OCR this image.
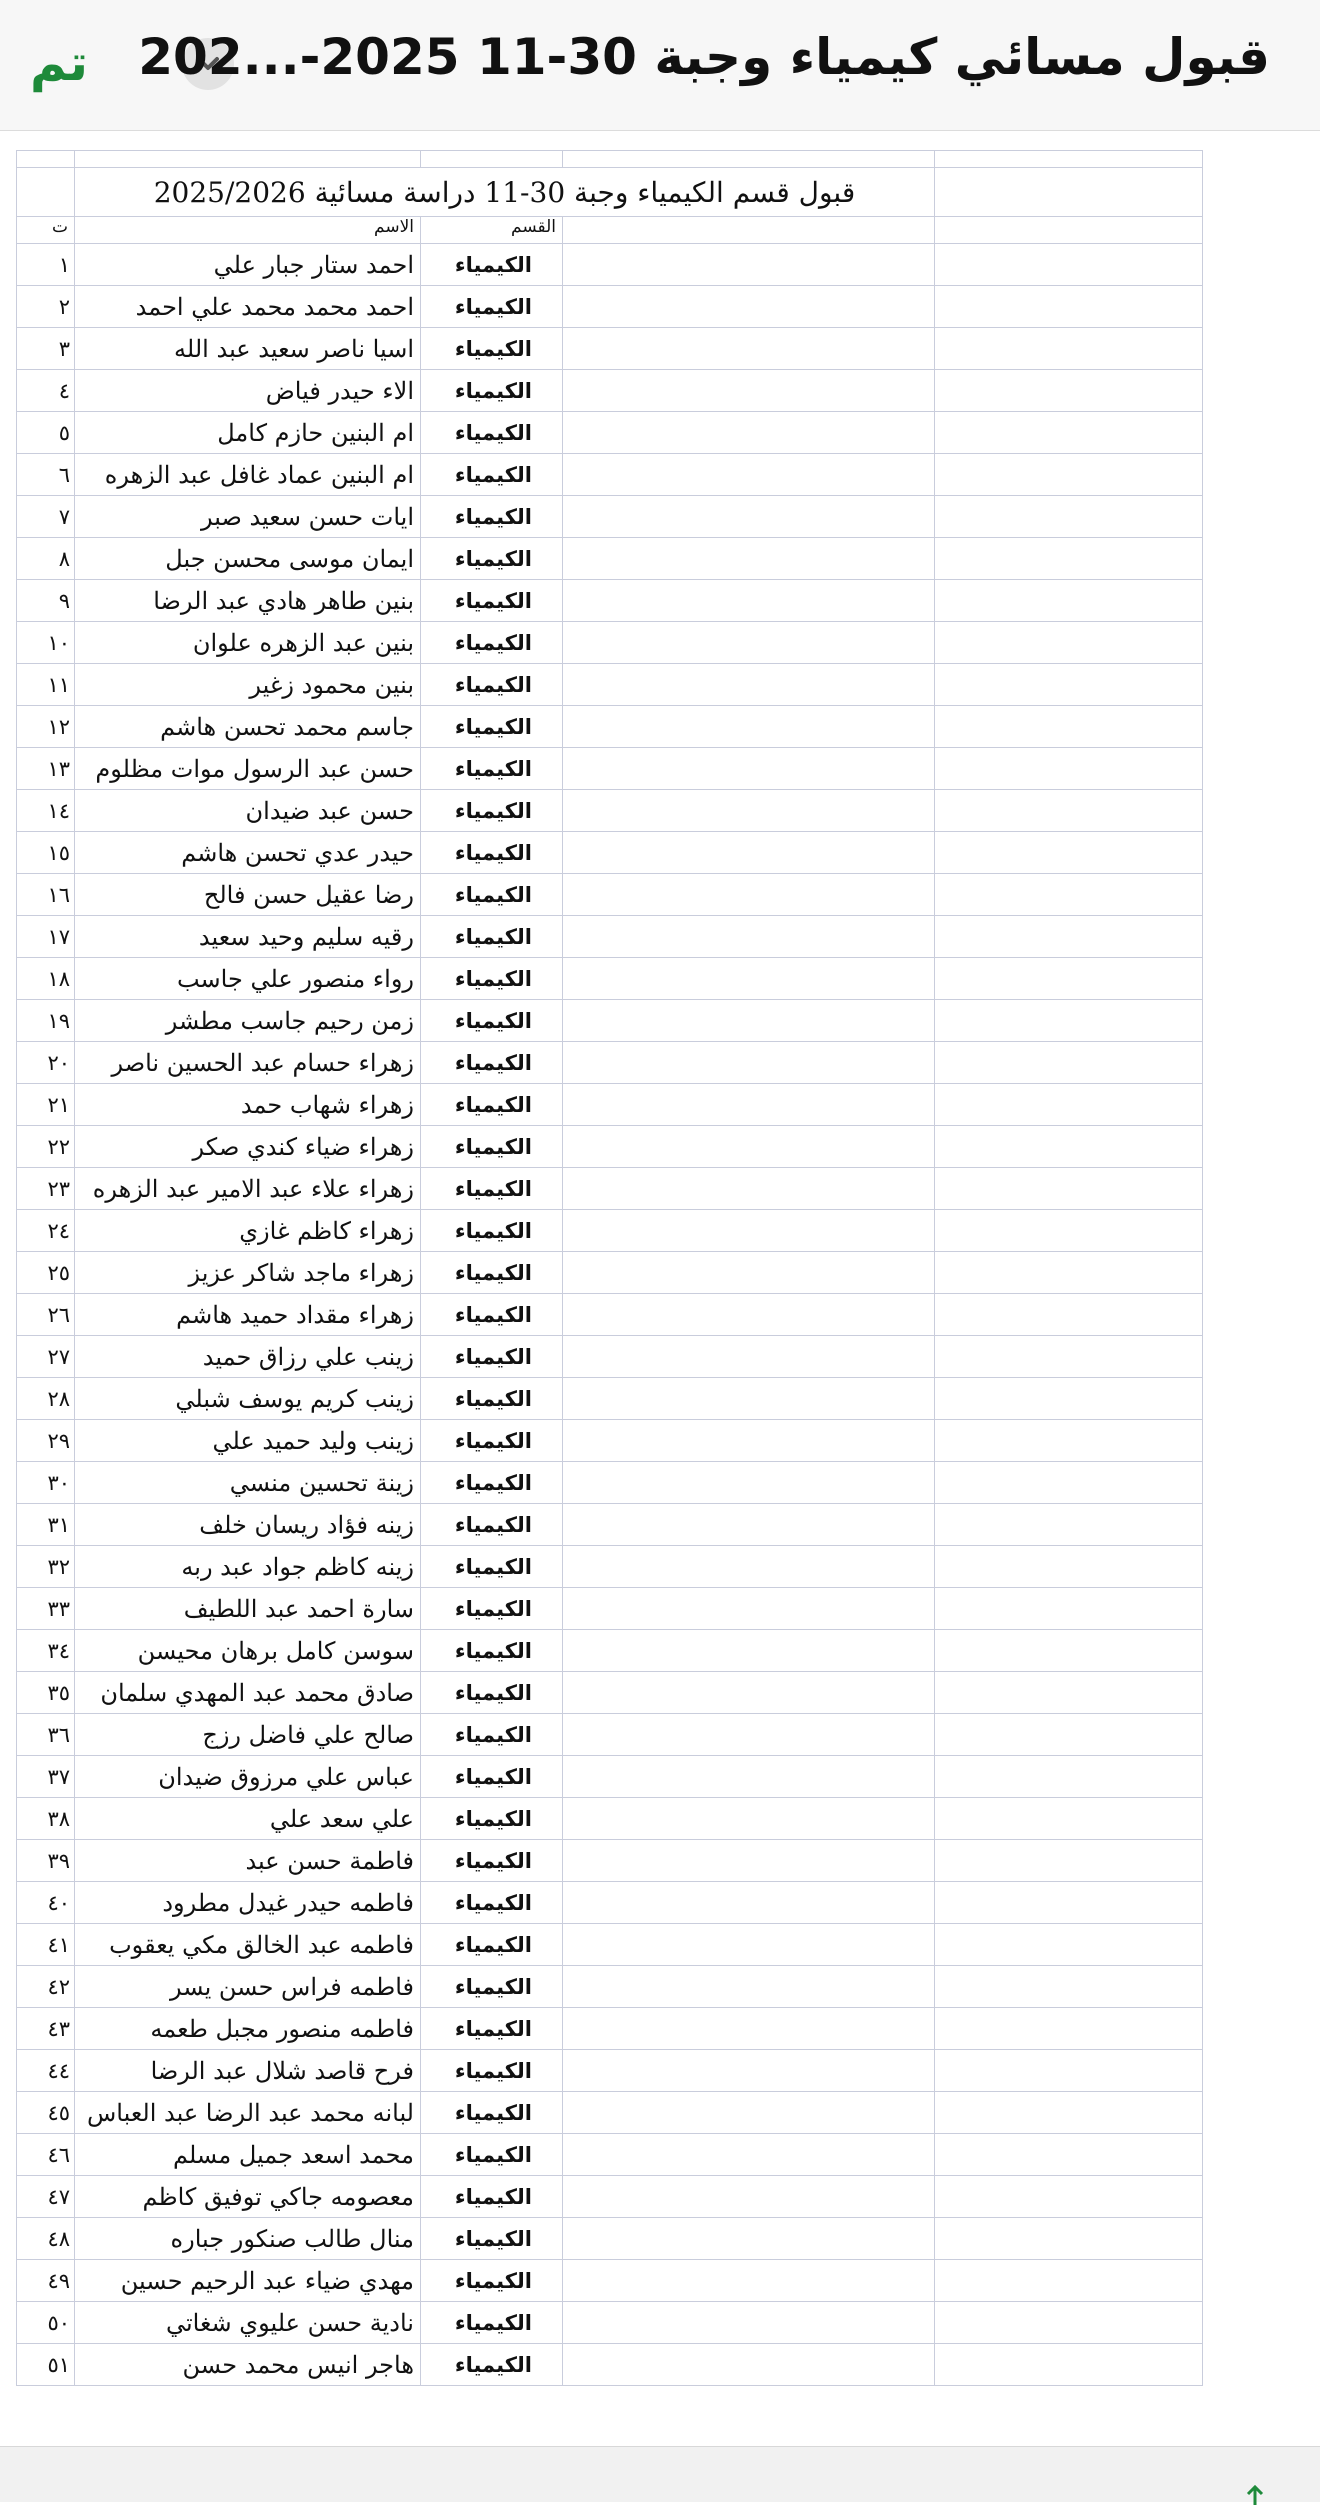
تم قبول مسائي كيمياء وجبة 30-11 2025-...202

	قبول قسم الكيمياء وجبة 30-11 دراسة مسائية 2025/2026			
ت	الاسم	القسم		
١	احمد ستار جبار علي	الكيمياء		
٢	احمد محمد محمد علي احمد	الكيمياء		
٣	اسيا ناصر سعيد عبد الله	الكيمياء		
٤	الاء حيدر فياض	الكيمياء		
٥	ام البنين حازم كامل	الكيمياء		
٦	ام البنين عماد غافل عبد الزهره	الكيمياء		
٧	ايات حسن سعيد صبر	الكيمياء		
٨	ايمان موسى محسن جبل	الكيمياء		
٩	بنين طاهر هادي عبد الرضا	الكيمياء		
١٠	بنين عبد الزهره علوان	الكيمياء		
١١	بنين محمود زغير	الكيمياء		
١٢	جاسم محمد تحسن هاشم	الكيمياء		
١٣	حسن عبد الرسول موات مظلوم	الكيمياء		
١٤	حسن عبد ضيدان	الكيمياء		
١٥	حيدر عدي تحسن هاشم	الكيمياء		
١٦	رضا عقيل حسن فالح	الكيمياء		
١٧	رقيه سليم وحيد سعيد	الكيمياء		
١٨	رواء منصور علي جاسب	الكيمياء		
١٩	زمن رحيم جاسب مطشر	الكيمياء		
٢٠	زهراء حسام عبد الحسين ناصر	الكيمياء		
٢١	زهراء شهاب حمد	الكيمياء		
٢٢	زهراء ضياء كندي صكر	الكيمياء		
٢٣	زهراء علاء عبد الامير عبد الزهره	الكيمياء		
٢٤	زهراء كاظم غازي	الكيمياء		
٢٥	زهراء ماجد شاكر عزيز	الكيمياء		
٢٦	زهراء مقداد حميد هاشم	الكيمياء		
٢٧	زينب علي رزاق حميد	الكيمياء		
٢٨	زينب كريم يوسف شبلي	الكيمياء		
٢٩	زينب وليد حميد علي	الكيمياء		
٣٠	زينة تحسين منسي	الكيمياء		
٣١	زينه فؤاد ريسان خلف	الكيمياء		
٣٢	زينه كاظم جواد عبد ربه	الكيمياء		
٣٣	سارة احمد عبد اللطيف	الكيمياء		
٣٤	سوسن كامل برهان محيسن	الكيمياء		
٣٥	صادق محمد عبد المهدي سلمان	الكيمياء		
٣٦	صالح علي فاضل رزج	الكيمياء		
٣٧	عباس علي مرزوق ضيدان	الكيمياء		
٣٨	علي سعد علي	الكيمياء		
٣٩	فاطمة حسن عبد	الكيمياء		
٤٠	فاطمه حيدر غيدل مطرود	الكيمياء		
٤١	فاطمه عبد الخالق مكي يعقوب	الكيمياء		
٤٢	فاطمه فراس حسن يسر	الكيمياء		
٤٣	فاطمه منصور مجبل طعمه	الكيمياء		
٤٤	فرح قاصد شلال عبد الرضا	الكيمياء		
٤٥	لبانه محمد عبد الرضا عبد العباس	الكيمياء		
٤٦	محمد اسعد جميل مسلم	الكيمياء		
٤٧	معصومه جاكي توفيق كاظم	الكيمياء		
٤٨	منال طالب صنكور جباره	الكيمياء		
٤٩	مهدي ضياء عبد الرحيم حسين	الكيمياء		
٥٠	نادية حسن عليوي شغاتي	الكيمياء		
٥١	هاجر انيس محمد حسن	الكيمياء		
